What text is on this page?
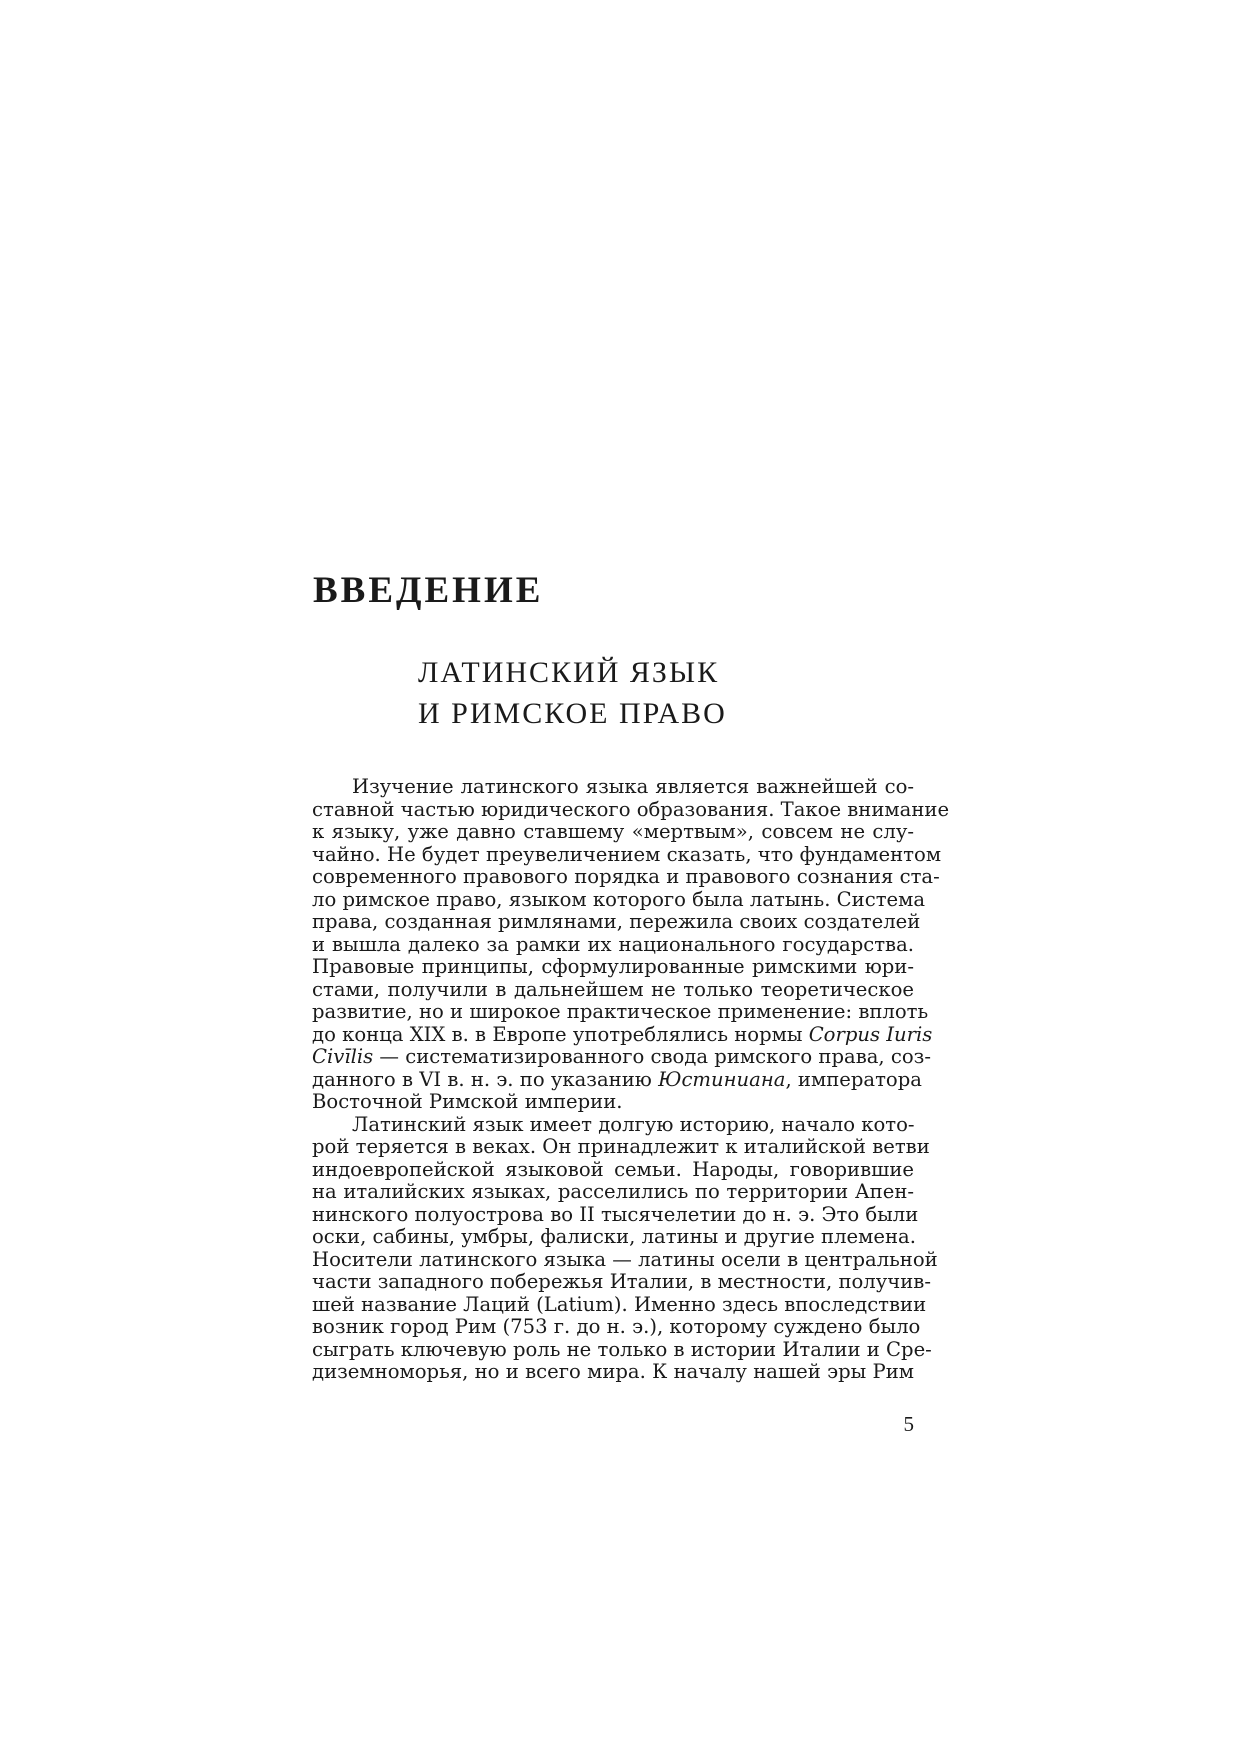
ВВЕДЕНИЕ
ЛАТИНСКИЙ ЯЗЫК
И РИМСКОЕ ПРАВО
Изучение латинского языка является важнейшей со-
ставной частью юридического образования. Такое внимание
к языку, уже давно ставшему «мертвым», совсем не слу-
чайно. Не будет преувеличением сказать, что фундаментом
современного правового порядка и правового сознания ста-
ло римское право, языком которого была латынь. Система
права, созданная римлянами, пережила своих создателей
и вышла далеко за рамки их национального государства.
Правовые принципы, сформулированные римскими юри-
стами, получили в дальнейшем не только теоретическое
развитие, но и широкое практическое применение: вплоть
до конца XIX в. в Европе употреблялись нормы Corpus Iuris
Civīlis — систематизированного свода римского права, соз-
данного в VI в. н. э. по указанию Юстиниана, императора
Восточной Римской империи.
Латинский язык имеет долгую историю, начало кото-
рой теряется в веках. Он принадлежит к италийской ветви
индоевропейской языковой семьи. Народы, говорившие
на италийских языках, расселились по территории Апен-
нинского полуострова во II тысячелетии до н. э. Это были
оски, сабины, умбры, фалиски, латины и другие племена.
Носители латинского языка — латины осели в центральной
части западного побережья Италии, в местности, получив-
шей название Лаций (Latium). Именно здесь впоследствии
возник город Рим (753 г. до н. э.), которому суждено было
сыграть ключевую роль не только в истории Италии и Сре-
диземноморья, но и всего мира. К началу нашей эры Рим
5
